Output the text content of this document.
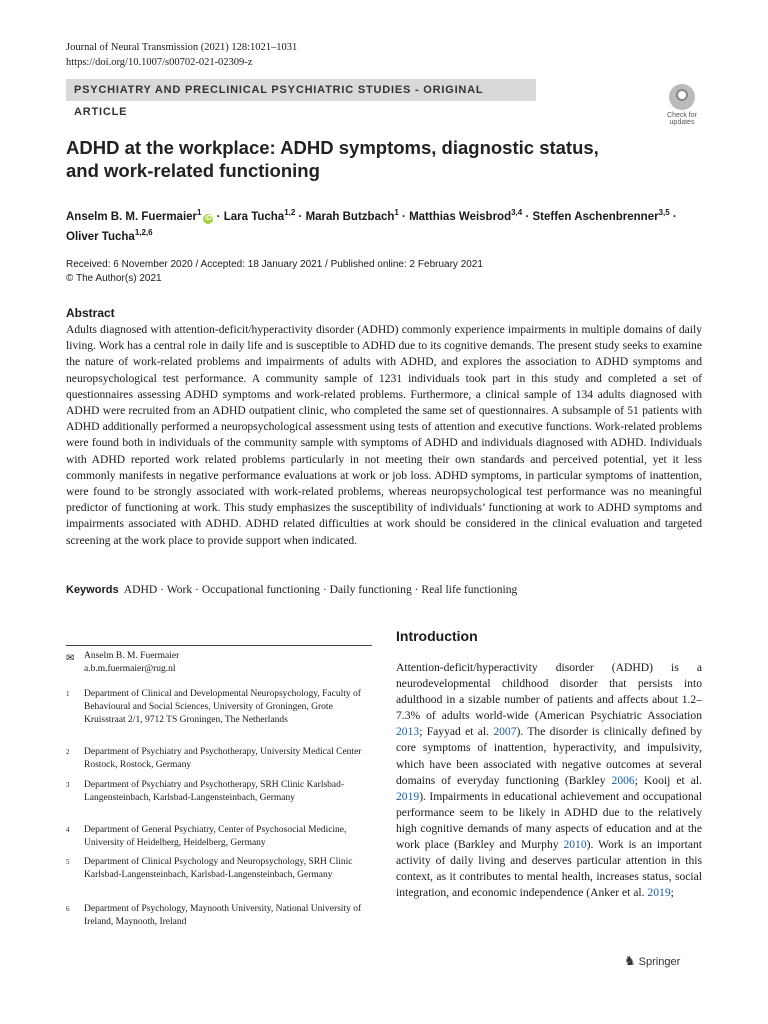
Journal of Neural Transmission (2021) 128:1021–1031
https://doi.org/10.1007/s00702-021-02309-z
PSYCHIATRY AND PRECLINICAL PSYCHIATRIC STUDIES - ORIGINAL ARTICLE	Check for
updates
ADHD at the workplace: ADHD symptoms, diagnostic status,
and work-related functioning
Anselm B. M. Fuermaier$^1$iD · Lara Tucha$^{1,2}$ · Marah Butzbach$^1$ · Matthias Weisbrod$^{3,4}$ · Steffen Aschenbrenner$^{3,5}$ ·
Oliver Tucha$^{1,2,6}$
Received: 6 November 2020 / Accepted: 18 January 2021 / Published online: 2 February 2021
© The Author(s) 2021
Abstract
Adults diagnosed with attention-deficit/hyperactivity disorder (ADHD) commonly experience impairments in multiple domains of daily living. Work has a central role in daily life and is susceptible to ADHD due to its cognitive demands. The present study seeks to examine the nature of work-related problems and impairments of adults with ADHD, and explores the association to ADHD symptoms and neuropsychological test performance. A community sample of 1231 individuals took part in this study and completed a set of questionnaires assessing ADHD symptoms and work-related problems. Furthermore, a clinical sample of 134 adults diagnosed with ADHD were recruited from an ADHD outpatient clinic, who completed the same set of questionnaires. A subsample of 51 patients with ADHD additionally performed a neuropsychological assessment using tests of attention and executive functions. Work-related problems were found both in individuals of the community sample with symptoms of ADHD and individuals diagnosed with ADHD. Individuals with ADHD reported work related problems particularly in not meeting their own standards and perceived potential, yet it less commonly manifests in negative performance evaluations at work or job loss. ADHD symptoms, in particular symptoms of inattention, were found to be strongly associated with work-related problems, whereas neuropsychological test performance was no meaningful predictor of functioning at work. This study emphasizes the susceptibility of individuals’ functioning at work to ADHD symptoms and impairments associated with ADHD. ADHD related difficulties at work should be considered in the clinical evaluation and targeted screening at the work place to provide support when indicated.
Keywords ADHD · Work · Occupational functioning · Daily functioning · Real life functioning
✉ Anselm B. M. Fuermaier
a.b.m.fuermaier@rug.nl
1 Department of Clinical and Developmental Neuropsychology, Faculty of Behavioural and Social Sciences, University of Groningen, Grote Kruisstraat 2/1, 9712 TS Groningen, The Netherlands
2 Department of Psychiatry and Psychotherapy, University Medical Center Rostock, Rostock, Germany
3 Department of Psychiatry and Psychotherapy, SRH Clinic Karlsbad-Langensteinbach, Karlsbad-Langensteinbach, Germany
4 Department of General Psychiatry, Center of Psychosocial Medicine, University of Heidelberg, Heidelberg, Germany
5 Department of Clinical Psychology and Neuropsychology, SRH Clinic Karlsbad-Langensteinbach, Karlsbad-Langensteinbach, Germany
6 Department of Psychology, Maynooth University, National University of Ireland, Maynooth, Ireland
Introduction
Attention-deficit/hyperactivity disorder (ADHD) is a neurodevelopmental childhood disorder that persists into adulthood in a sizable number of patients and affects about 1.2–7.3% of adults world-wide (American Psychiatric Association 2013; Fayyad et al. 2007). The disorder is clinically defined by core symptoms of inattention, hyperactivity, and impulsivity, which have been associated with negative outcomes at several domains of everyday functioning (Barkley 2006; Kooij et al. 2019). Impairments in educational achievement and occupational performance seem to be likely in ADHD due to the relatively high cognitive demands of many aspects of education and at the work place (Barkley and Murphy 2010). Work is an important activity of daily living and deserves particular attention in this context, as it contributes to mental health, increases status, social integration, and economic independence (Anker et al. 2019;
♞ Springer
